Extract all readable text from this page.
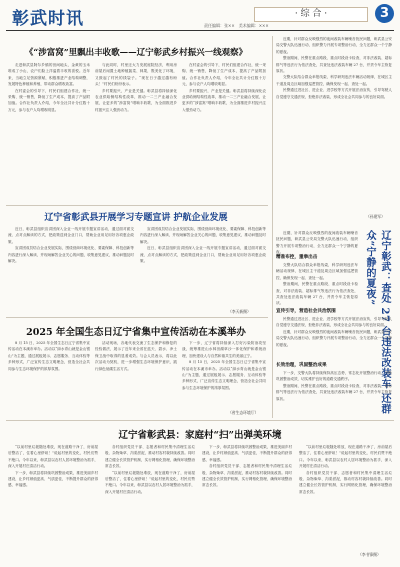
彰武时讯	· 综 合 ·	3
责任编辑：张××　美术编辑：×××
《“涉富窝”里飘出丰收歌——辽宁彰武乡村振兴一线观察》

走进彰武县阿尔乡镇的田间地头，金黄的玉米堆成了小山，农户们脸上洋溢着丰收的喜悦。近年来，当地立足资源禀赋，积极推进产业结构调整，发展特色种植和养殖，带动群众增收致富。

在村委会的引导下，村民们组建合作社，统一采购、统一销售，降低了生产成本，提高了产品附加值。合作社负责人介绍，今年全社共计分红数十万元，参与农户人均增收明显。

与此同时，村里还大力发展庭院经济，利用房前屋后闲置土地种植蔬菜、林果，既美化了环境，又鼓起了村民的钱袋子。“现在日子越过越有盼头！”村民们纷纷表示。

乡村要振兴，产业是关键。彰武县将持续深化农业供给侧结构性改革，推动一二三产业融合发展，让更多的“涉富窝”唱响丰收歌，为全面推进乡村振兴注入强劲动力。

在村委会的引导下，村民们组建合作社，统一采购、统一销售，降低了生产成本，提高了产品附加值。合作社负责人介绍，今年全社共计分红数十万元，参与农户人均增收明显。

乡村要振兴，产业是关键。彰武县将持续深化农业供给侧结构性改革，推动一二三产业融合发展，让更多的“涉富窝”唱响丰收歌，为全面推进乡村振兴注入强劲动力。

辽宁省彰武县开展学习专题宣讲 护航企业发展

近日，彰武县组织宣讲团深入企业一线开展专题宣讲活动，通过面对面交流、点对点解读的方式，把政策送到企业门口，帮助企业用足用好各项惠企政策。

宣讲团成员结合企业发展实际，围绕营商环境优化、要素保障、科技创新等内容进行深入解读，并现场解答企业关心的问题，收集意见建议，推动问题及时解决。

宣讲团成员结合企业发展实际，围绕营商环境优化、要素保障、科技创新等内容进行深入解读，并现场解答企业关心的问题，收集意见建议，推动问题及时解决。

近日，彰武县组织宣讲团深入企业一线开展专题宣讲活动，通过面对面交流、点对点解读的方式，把政策送到企业门口，帮助企业用足用好各项惠企政策。

（李天新摄）
2025 年全国生态日辽宁省集中宣传活动在本溪举办

8 月 15 日，2025 年全国生态日辽宁省集中宣传活动在本溪市举办。活动以“绿水青山就是金山银山”为主题，通过展板展示、志愿服务、互动体验等多种形式，广泛宣传生态文明理念，营造全社会共同参与生态环境保护的浓厚氛围。

活动现场，各地代表交流了生态保护和修复的经验做法，展示了近年来全省在蓝天、碧水、净土保卫战中取得的显著成效。与会人员表示，将以此次活动为契机，进一步增强生态环境保护意识，践行绿色低碳生活方式。

下一步，辽宁省将持续深入打好污染防治攻坚战，统筹推进山水林田湖草沙一体化保护和系统治理，加快建设人与自然和谐共生的美丽辽宁。

8 月 15 日，2025 年全国生态日辽宁省集中宣传活动在本溪市举办。活动以“绿水青山就是金山银山”为主题，通过展板展示、志愿服务、互动体验等多种形式，广泛宣传生态文明理念，营造全社会共同参与生态环境保护的浓厚氛围。

（省生态环境厅）
辽宁省彰武县：家庭村“扫”出弹美环境

“以前村里垃圾随处堆放，现在道路干净了，房前屋后整洁了，住着心里舒坦！”说起村里的变化，村民们赞不绝口。今年以来，彰武县以农村人居环境整治为抓手，深入开展村庄清洁行动。

下一步，彰武县将持续巩固整治成果，推进美丽乡村建设，让乡村颜值更高、气质更佳，不断提升群众的获得感、幸福感。

各村组织党员干部、志愿者和村民集中清理生活垃圾、杂物柴草、沟渠淤泥，推动村容村貌持续改善。同时建立健全长效管护机制，实行网格化管理，确保环境整治常态长效。

“以前村里垃圾随处堆放，现在道路干净了，房前屋后整洁了，住着心里舒坦！”说起村里的变化，村民们赞不绝口。今年以来，彰武县以农村人居环境整治为抓手，深入开展村庄清洁行动。

下一步，彰武县将持续巩固整治成果，推进美丽乡村建设，让乡村颜值更高、气质更佳，不断提升群众的获得感、幸福感。

各村组织党员干部、志愿者和村民集中清理生活垃圾、杂物柴草、沟渠淤泥，推动村容村貌持续改善。同时建立健全长效管护机制，实行网格化管理，确保环境整治常态长效。

“以前村里垃圾随处堆放，现在道路干净了，房前屋后整洁了，住着心里舒坦！”说起村里的变化，村民们赞不绝口。今年以来，彰武县以农村人居环境整治为抓手，深入开展村庄清洁行动。

各村组织党员干部、志愿者和村民集中清理生活垃圾、杂物柴草、沟渠淤泥，推动村容村貌持续改善。同时建立健全长效管护机制，实行网格化管理，确保环境整治常态长效。

（李书锋摄）

近期，针对群众反映强烈的夜间改装车辆噪音扰民问题，彰武县公安局交警大队迅速行动，组织警力开展专项整治行动，全力还群众一个宁静的夏夜。

整治期间，民警在重点路段、重点时段设卡检查，对非法改装、超标排气等违法行为依法查处，共查处违法改装车辆 27 台，并责令车主恢复原状。

交警大队结合群众举报线索，科学研判违法车辆活动规律，在城区主干道及周边区域加强巡逻管控，确保发现一起、查处一起。

民警通过进社区、进企业、进学校等方式开展法治宣传，引导驾驶人自觉遵守交通法规，拒绝非法改装，形成全社会共同参与的良好局面。

（孙建军）
辽宁彰武：查处 27 台违法改装车 还群众“宁静的夏夜”

近期，针对群众反映强烈的夜间改装车辆噪音扰民问题，彰武县公安局交警大队迅速行动，组织警力开展专项整治行动，全力还群众一个宁静的夏夜。

精准布控，重拳出击

交警大队结合群众举报线索，科学研判违法车辆活动规律，在城区主干道及周边区域加强巡逻管控，确保发现一起、查处一起。

整治期间，民警在重点路段、重点时段设卡检查，对非法改装、超标排气等违法行为依法查处，共查处违法改装车辆 27 台，并责令车主恢复原状。

宣传引导，营造社会共治氛围

民警通过进社区、进企业、进学校等方式开展法治宣传，引导驾驶人自觉遵守交通法规，拒绝非法改装，形成全社会共同参与的良好局面。

近期，针对群众反映强烈的夜间改装车辆噪音扰民问题，彰武县公安局交警大队迅速行动，组织警力开展专项整治行动，全力还群众一个宁静的夏夜。

长效治理，巩固整治成果

下一步，交警大队将持续保持高压态势，常态化开展整治行动，不断巩固整治成效，切实维护良好的道路交通秩序。

整治期间，民警在重点路段、重点时段设卡检查，对非法改装、超标排气等违法行为依法查处，共查处违法改装车辆 27 台，并责令车主恢复原状。
